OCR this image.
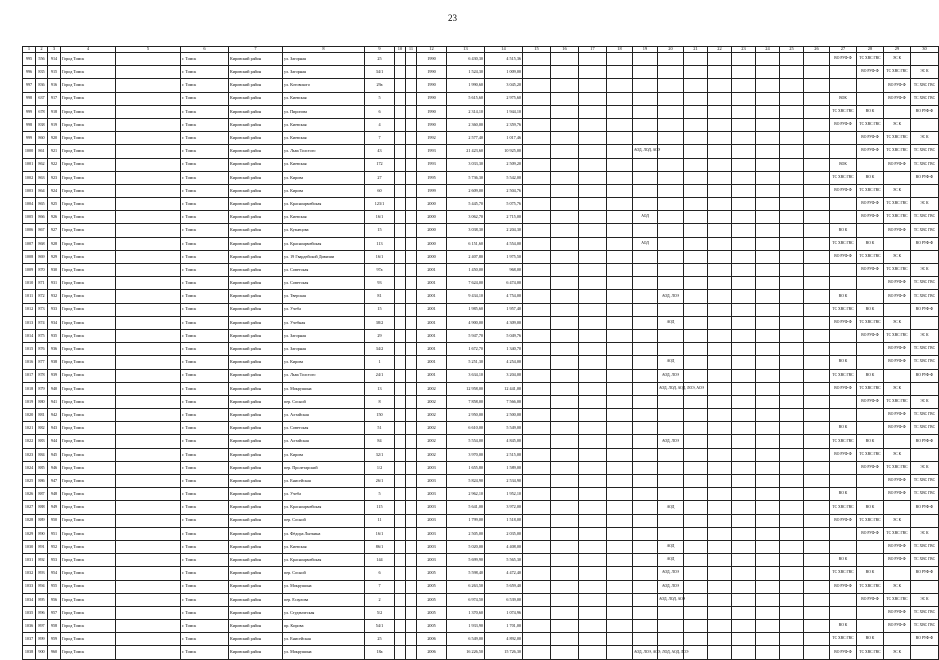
23
1	2	3	4	5	6	7	8	9	10	11	12	13	14	15	16	17	18	19	20	21	22	23	24	25	26	27	28	29	30
995	556	914	Город Томск		г. Томск	Кировский район	ул. Загорная	25			1990	6 430,30	4 515,36													ВО РУФ-Ф	ТС ХВС ГВС	ЭС К	
996	835	915	Город Томск		г. Томск	Кировский район	ул. Загорная	34/1			1990	1 524,30	1 009,00														ВО РУФ-Ф	ТС ХВС ГВС	ЭС К
997	836	916	Город Томск		г. Томск	Кировский район	ул. Котовского	29а			1990	1 990,60	3 045,20															ВО РУФ-Ф	ТС ХВС ГВС
998	637	917	Город Томск		г. Томск	Кировский район	ул. Киевская	5			1990	5 615,60	2 975,60													ВОК		ВО РУФ-Ф	ТС ХВС ГВС
999	678	918	Город Томск		г. Томск	Кировский район	ул. Пирогова	6			1990	2 314,10	1 944,10													ТС ХВС ГВС	ВО К		ВО РУФ-Ф
998	838	919	Город Томск		г. Томск	Кировский район	ул. Киевская	4			1990	2 360,00	2 359,76													ВО РУФ-Ф	ТС ХВС ГВС	ЭС К	
999	860	920	Город Томск		г. Томск	Кировский район	ул. Киевская	7			1992	2 577,40	1 017,46														ВО РУФ-Ф	ТС ХВС ГВС	ЭС К
1000	861	921	Город Томск		г. Томск	Кировский район	ул. Льва Толстого	43			1993	21 423,60	10 925,00					АОД, ЛОД, АОЭ									ВО РУФ-Ф	ТС ХВС ГВС	ТС ХВС ГВС
1001	862	922	Город Томск		г. Томск	Кировский район	ул. Киевская	172			1993	3 033,30	2 509,20													ВОК		ВО РУФ-Ф	ТС ХВС ГВС
1002	863	923	Город Томск		г. Томск	Кировский район	ул. Кирова	27			1995	5 736,30	5 542,00													ТС ХВС ГВС	ВО К		ВО РУФ-Ф
1003	864	924	Город Томск		г. Томск	Кировский район	ул. Кирова	60			1999	2 609,00	2 504,76													ВО РУФ-Ф	ТС ХВС ГВС	ЭС К	
1004	865	925	Город Томск		г. Томск	Кировский район	ул. Красноармейская	123/1			2000	5 445,70	5 075,76														ВО РУФ-Ф	ТС ХВС ГВС	ЭС К
1005	866	926	Город Томск		г. Томск	Кировский район	ул. Киевская	16/1			2000	3 062,70	2 715,00					АОД									ВО РУФ-Ф	ТС ХВС ГВС	ТС ХВС ГВС
1006	867	927	Город Томск		г. Томск	Кировский район	ул. Кузнецова	15			2000	3 038,30	2 204,30													ВО К		ВО РУФ-Ф	ТС ХВС ГВС
1007	868	928	Город Томск		г. Томск	Кировский район	ул. Красноармейская	113			2000	6 151,60	4 554,00					АОД								ТС ХВС ГВС	ВО К		ВО РУФ-Ф
1008	869	929	Город Томск		г. Томск	Кировский район	ул. 19 Гвардейской Дивизии	16/1			2000	2 407,80	1 975,50													ВО РУФ-Ф	ТС ХВС ГВС	ЭС К	
1009	870	930	Город Томск		г. Томск	Кировский район	ул. Советская	97а			2001	1 450,00	968,00														ВО РУФ-Ф	ТС ХВС ГВС	ЭС К
1010	871	931	Город Томск		г. Томск	Кировский район	ул. Советская	93			2001	7 624,00	6 474,00															ВО РУФ-Ф	ТС ХВС ГВС
1011	872	932	Город Томск		г. Томск	Кировский район	ул. Тверская	81			2001	9 434,10	4 754,00						АОД, ЛОЭ							ВО К		ВО РУФ-Ф	ТС ХВС ГВС
1012	873	933	Город Томск		г. Томск	Кировский район	ул. Учеба	15			2001	1 985,60	1 957,40													ТС ХВС ГВС	ВО К		ВО РУФ-Ф
1013	874	934	Город Томск		г. Томск	Кировский район	ул. Учебная	38/2			2001	4 900,00	4 309,00						АОД							ВО РУФ-Ф	ТС ХВС ГВС	ЭС К	
1014	875	935	Город Томск		г. Томск	Кировский район	ул. Загорная	29			2001	5 947,70	5 049,76														ВО РУФ-Ф	ТС ХВС ГВС	ЭС К
1015	876	936	Город Томск		г. Томск	Кировский район	ул. Загорная	34/2			2001	1 672,70	1 340,70															ВО РУФ-Ф	ТС ХВС ГВС
1016	877	938	Город Томск		г. Томск	Кировский район	ул. Кирова	1			2001	5 251,30	4 254,00						АОД							ВО К		ВО РУФ-Ф	ТС ХВС ГВС
1017	878	939	Город Томск		г. Томск	Кировский район	ул. Льва Толстого	24/1			2001	3 634,10	3 204,00						АОД, ЛОЭ							ТС ХВС ГВС	ВО К		ВО РУФ-Ф
1018	879	940	Город Томск		г. Томск	Кировский район	ул. Мокрушина	13			2002	12 958,00	12 441,00						АОД, ЛОД, АОД, ЛОЭ, АОЭ							ВО РУФ-Ф	ТС ХВС ГВС	ЭС К	
1019	880	941	Город Томск		г. Томск	Кировский район	пер. Сосной	8			2002	7 858,00	7 566,00														ВО РУФ-Ф	ТС ХВС ГВС	ЭС К
1020	881	942	Город Томск		г. Томск	Кировский район	ул. Алтайская	150			2002	2 950,00	2 500,00															ВО РУФ-Ф	ТС ХВС ГВС
1021	882	943	Город Томск		г. Томск	Кировский район	ул. Советская	51			2002	6 610,00	5 549,00													ВО К		ВО РУФ-Ф	ТС ХВС ГВС
1022	883	944	Город Томск		г. Томск	Кировский район	ул. Алтайская	84			2002	5 554,00	4 845,00						АОД, ЛОЭ							ТС ХВС ГВС	ВО К		ВО РУФ-Ф
1023	884	945	Город Томск		г. Томск	Кировский район	ул. Кирова	32/1			2002	3 970,00	2 515,00													ВО РУФ-Ф	ТС ХВС ГВС	ЭС К	
1024	885	946	Город Томск		г. Томск	Кировский район	пер. Пролетарский	1/2			2003	1 655,80	1 589,00														ВО РУФ-Ф	ТС ХВС ГВС	ЭС К
1025	886	947	Город Томск		г. Томск	Кировский район	ул. Енисейская	26/1			2003	5 824,90	2 534,90															ВО РУФ-Ф	ТС ХВС ГВС
1026	887	948	Город Томск		г. Томск	Кировский район	ул. Учеба	5			2003	2 962,10	1 952,10													ВО К		ВО РУФ-Ф	ТС ХВС ГВС
1027	888	949	Город Томск		г. Томск	Кировский район	ул. Красноармейская	115			2003	5 641,00	3 972,00						АОД							ТС ХВС ГВС	ВО К		ВО РУФ-Ф
1028	889	950	Город Томск		г. Томск	Кировский район	пер. Сосной	11			2003	1 799,00	1 518,00													ВО РУФ-Ф	ТС ХВС ГВС	ЭС К	
1029	890	951	Город Томск		г. Томск	Кировский район	ул. Фёдора Лыткина	16/1			2003	2 505,00	2 035,00														ВО РУФ-Ф	ТС ХВС ГВС	ЭС К
1030	891	952	Город Томск		г. Томск	Кировский район	ул. Киевская	86/1			2003	5 020,00	4 408,00						АОД									ВО РУФ-Ф	ТС ХВС ГВС
1031	892	953	Город Томск		г. Томск	Кировский район	ул. Красноармейская	144			2003	5 699,90	5 565,30						АОД							ВО К		ВО РУФ-Ф	ТС ХВС ГВС
1032	893	954	Город Томск		г. Томск	Кировский район	пер. Сосной	6			2005	5 598,40	4 472,40						АОД, ЛОЭ							ТС ХВС ГВС	ВО К		ВО РУФ-Ф
1033	894	955	Город Томск		г. Томск	Кировский район	ул. Мокрушина	7			2005	6 263,50	5 659,40						АОД, ЛОЭ							ВО РУФ-Ф	ТС ХВС ГВС	ЭС К	
1034	895	956	Город Томск		г. Томск	Кировский район	пер. Есаулова	2			2005	6 974,50	6 539,00						АОД, ЛОД, АОЭ								ВО РУФ-Ф	ТС ХВС ГВС	ЭС К
1035	896	957	Город Томск		г. Томск	Кировский район	ул. Студенческая	5/2			2005	1 370,60	1 074,96															ВО РУФ-Ф	ТС ХВС ГВС
1036	897	958	Город Томск		г. Томск	Кировский район	пр. Кирова	54/1			2005	1 933,90	1 701,00													ВО К		ВО РУФ-Ф	ТС ХВС ГВС
1037	899	959	Город Томск		г. Томск	Кировский район	ул. Енисейская	25			2006	6 549,00	4 892,00													ТС ХВС ГВС	ВО К		ВО РУФ-Ф
1038	900	960	Город Томск		г. Томск	Кировский район	ул. Мокрушина	18а			2006	16 226,50	15 726,30					АОД, ЛОЭ, АОЭ, ЛОД, АОД, ЛОЭ								ВО РУФ-Ф	ТС ХВС ГВС	ЭС К	
